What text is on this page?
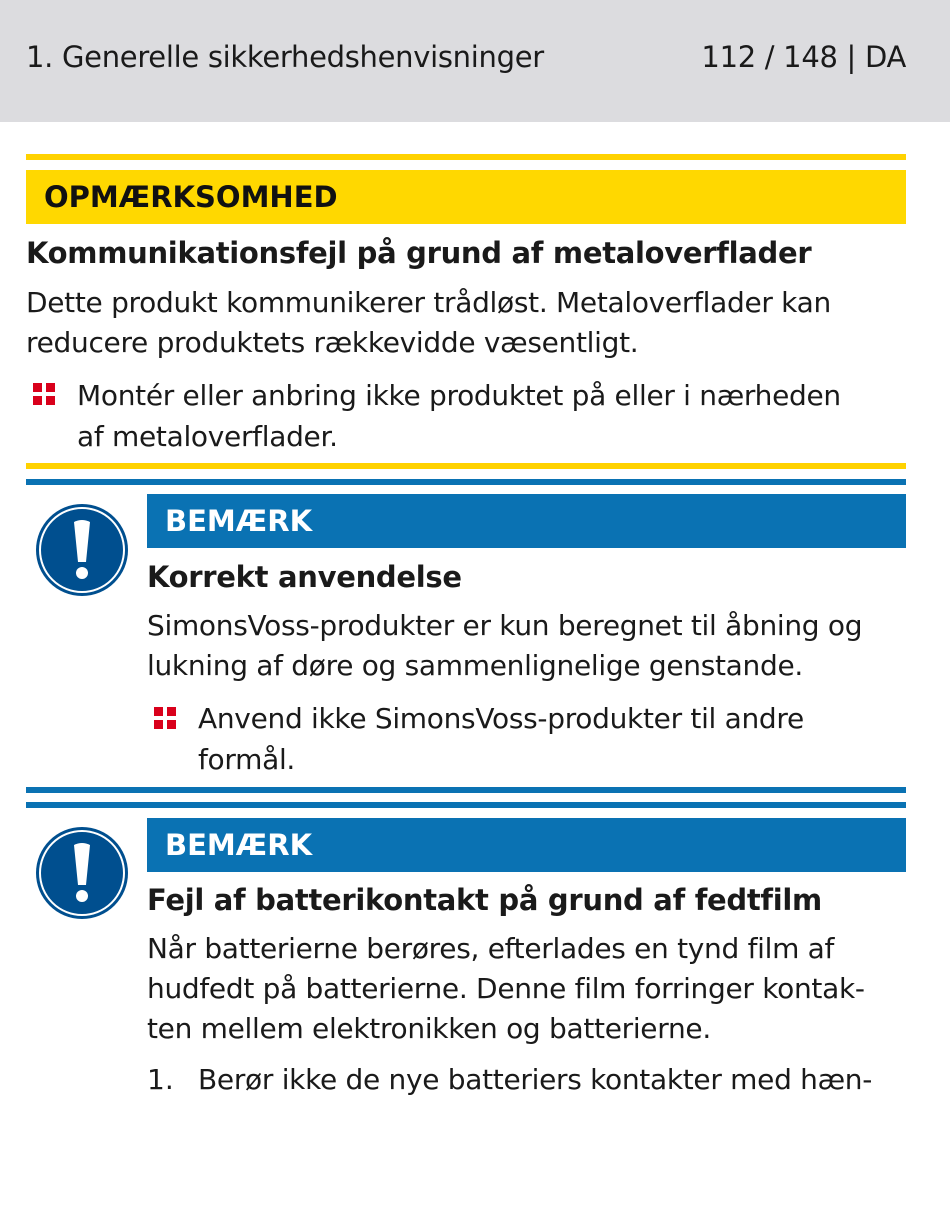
1. Generelle sikkerhedshenvisninger	112 / 148 | DA
OPMÆRKSOMHED
Kommunikationsfejl på grund af metaloverflader
Dette produkt kommunikerer trådløst. Metaloverflader kan
reducere produktets rækkevidde væsentligt.
Montér eller anbring ikke produktet på eller i nærheden
af metaloverflader.
BEMÆRK
Korrekt anvendelse
SimonsVoss-produkter er kun beregnet til åbning og
lukning af døre og sammenlignelige genstande.
Anvend ikke SimonsVoss-produkter til andre
formål.
BEMÆRK
Fejl af batterikontakt på grund af fedtfilm
Når batterierne berøres, efterlades en tynd film af
hudfedt på batterierne. Denne film forringer kontak-
ten mellem elektronikken og batterierne.
1. Berør ikke de nye batteriers kontakter med hæn-
